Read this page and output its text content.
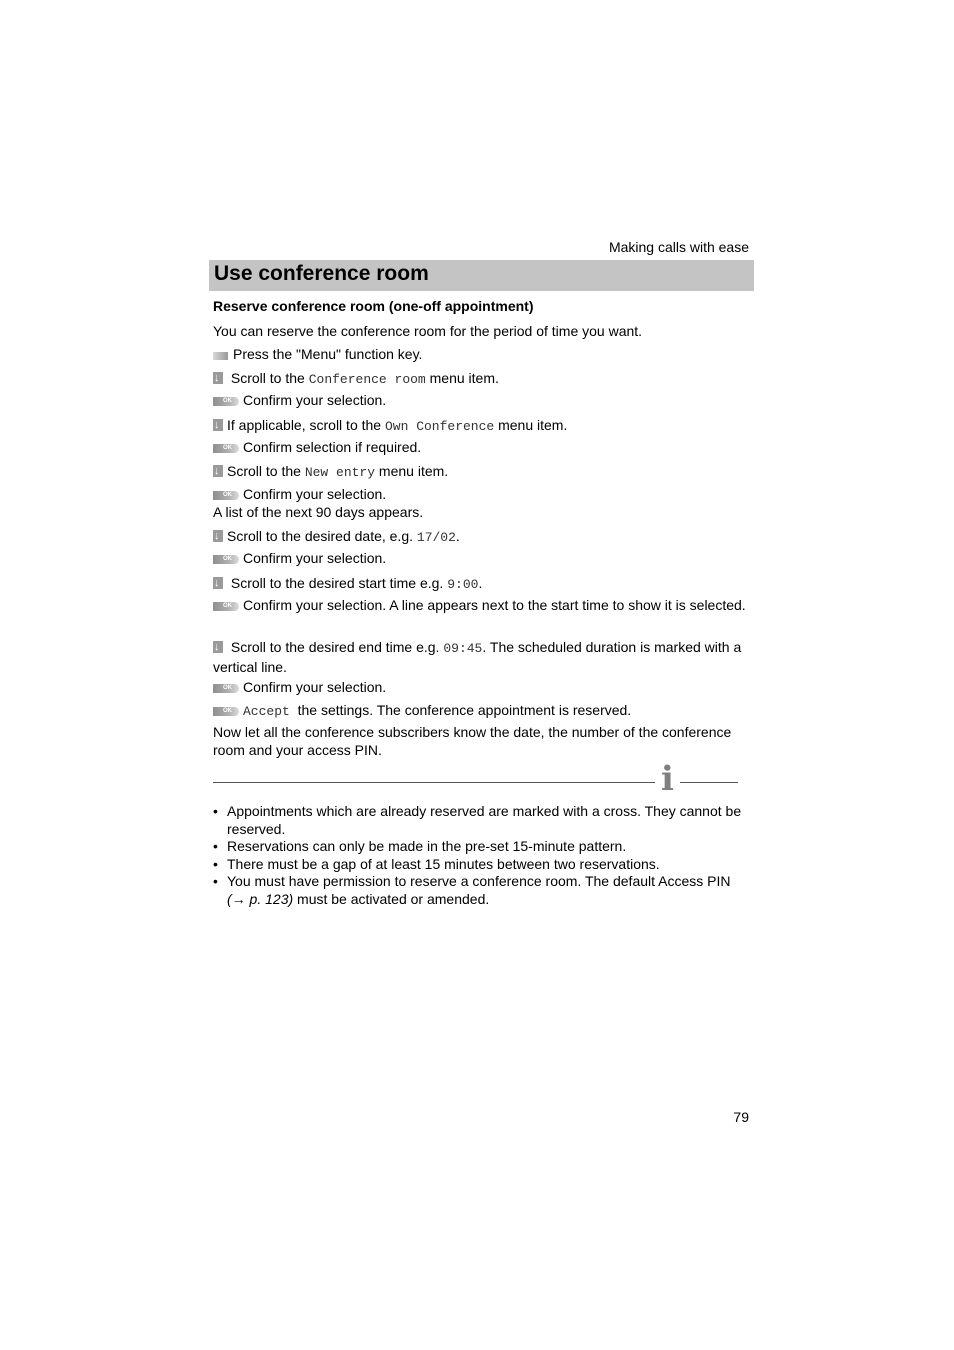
Making calls with ease
Use conference room
Reserve conference room (one-off appointment)
You can reserve the conference room for the period of time you want.
Press the "Menu" function key.
↓ Scroll to the Conference room menu item.
OKConfirm your selection.
↓If applicable, scroll to the Own Conference menu item.
OKConfirm selection if required.
↓Scroll to the New entry menu item.
OKConfirm your selection.
A list of the next 90 days appears.
↓Scroll to the desired date, e.g. 17/02.
OKConfirm your selection.
↓ Scroll to the desired start time e.g. 9:00.
OKConfirm your selection. A line appears next to the start time to show it is selected.
↓ Scroll to the desired end time e.g. 09:45. The scheduled duration is marked with a vertical line.
OKConfirm your selection.
OKAccept  the settings. The conference appointment is reserved.
Now let all the conference subscribers know the date, the number of the conference room and your access PIN.
i
• Appointments which are already reserved are marked with a cross. They cannot be reserved.
• Reservations can only be made in the pre-set 15-minute pattern.
• There must be a gap of at least 15 minutes between two reservations.
• You must have permission to reserve a conference room. The default Access PIN (→ p. 123) must be activated or amended.
79
